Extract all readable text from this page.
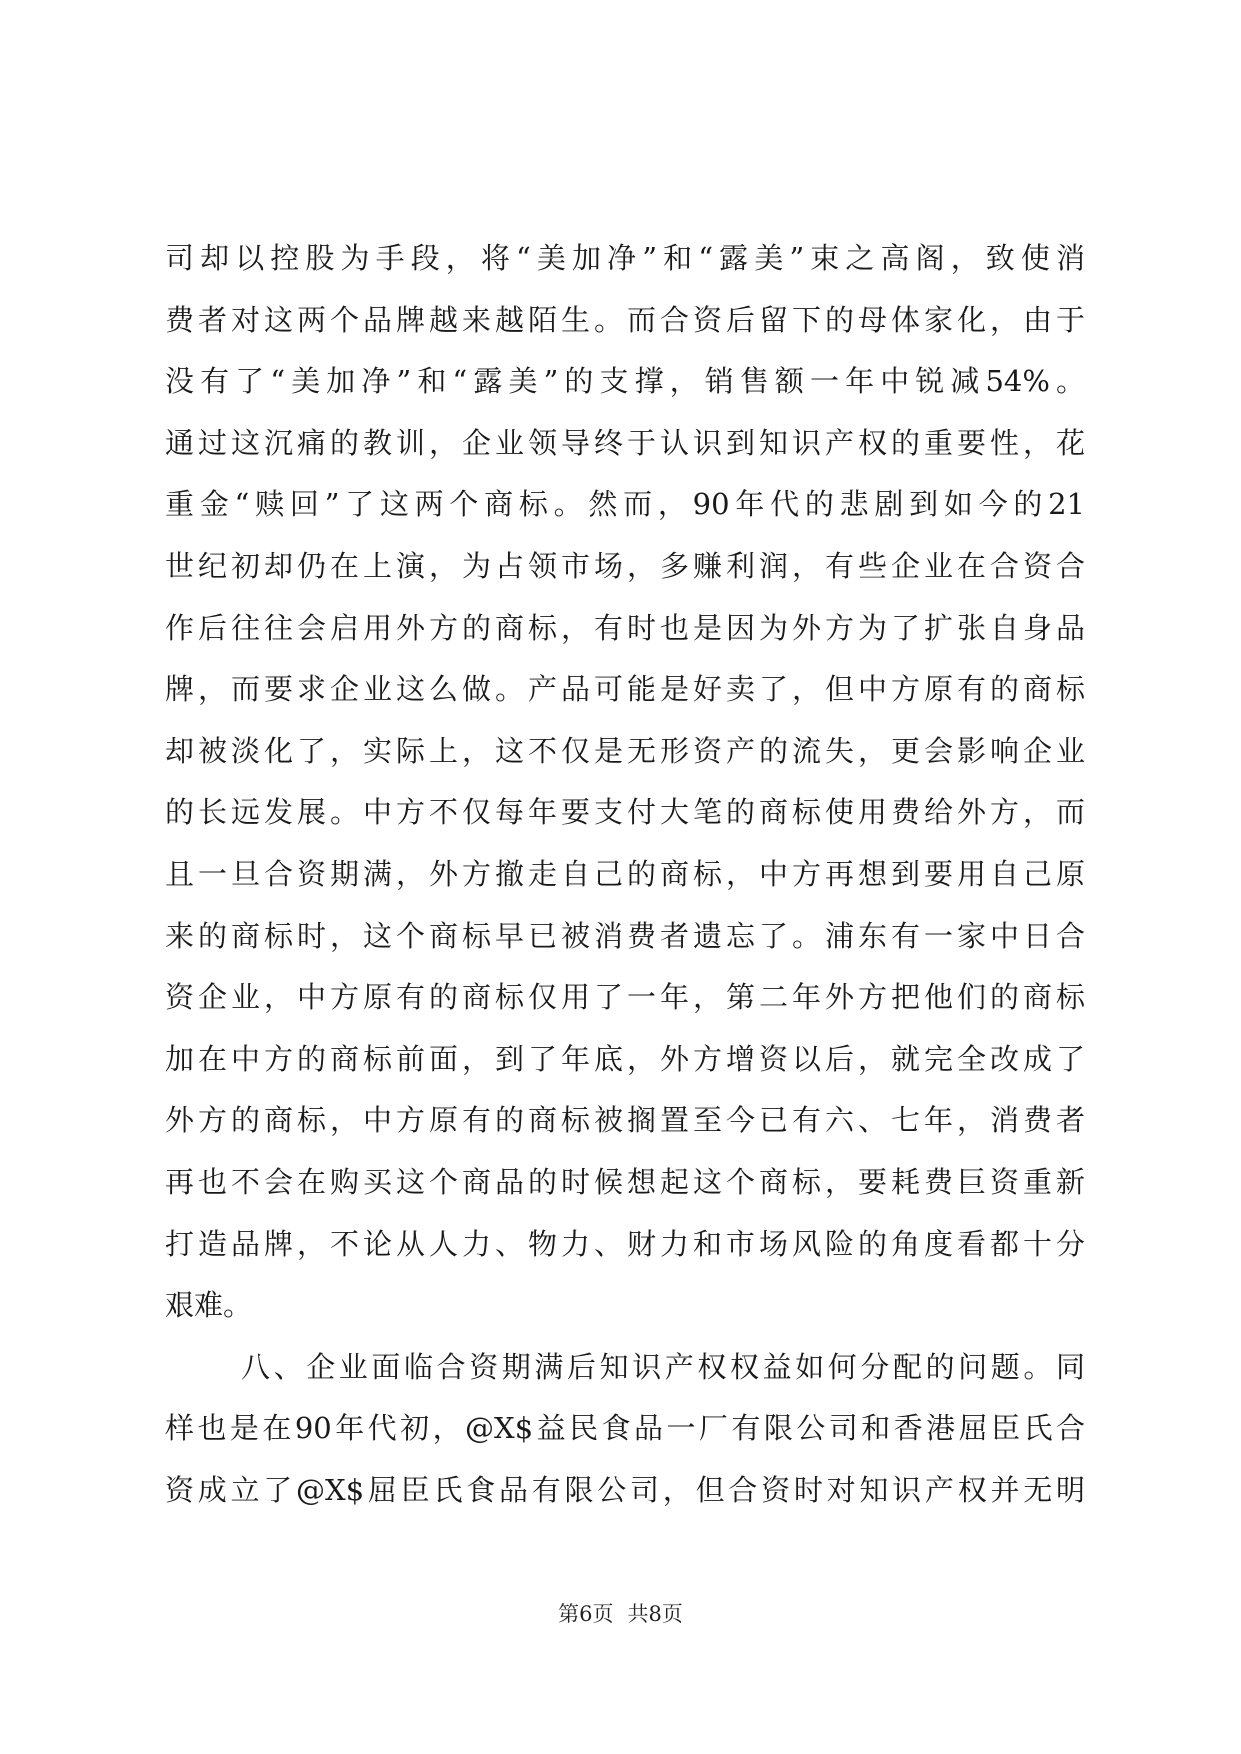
司却以控股为手段，将“美加净”和“露美”束之高阁，致使消
费者对这两个品牌越来越陌生。而合资后留下的母体家化，由于
没有了“美加净”和“露美”的支撑，销售额一年中锐减54%。
通过这沉痛的教训，企业领导终于认识到知识产权的重要性，花
重金“赎回”了这两个商标。然而，90年代的悲剧到如今的21
世纪初却仍在上演，为占领市场，多赚利润，有些企业在合资合
作后往往会启用外方的商标，有时也是因为外方为了扩张自身品
牌，而要求企业这么做。产品可能是好卖了，但中方原有的商标
却被淡化了，实际上，这不仅是无形资产的流失，更会影响企业
的长远发展。中方不仅每年要支付大笔的商标使用费给外方，而
且一旦合资期满，外方撤走自己的商标，中方再想到要用自己原
来的商标时，这个商标早已被消费者遗忘了。浦东有一家中日合
资企业，中方原有的商标仅用了一年，第二年外方把他们的商标
加在中方的商标前面，到了年底，外方增资以后，就完全改成了
外方的商标，中方原有的商标被搁置至今已有六、七年，消费者
再也不会在购买这个商品的时候想起这个商标，要耗费巨资重新
打造品牌，不论从人力、物力、财力和市场风险的角度看都十分
艰难。
八、企业面临合资期满后知识产权权益如何分配的问题。同
样也是在90年代初，@X$益民食品一厂有限公司和香港屈臣氏合
资成立了@X$屈臣氏食品有限公司，但合资时对知识产权并无明
第6页 共8页
